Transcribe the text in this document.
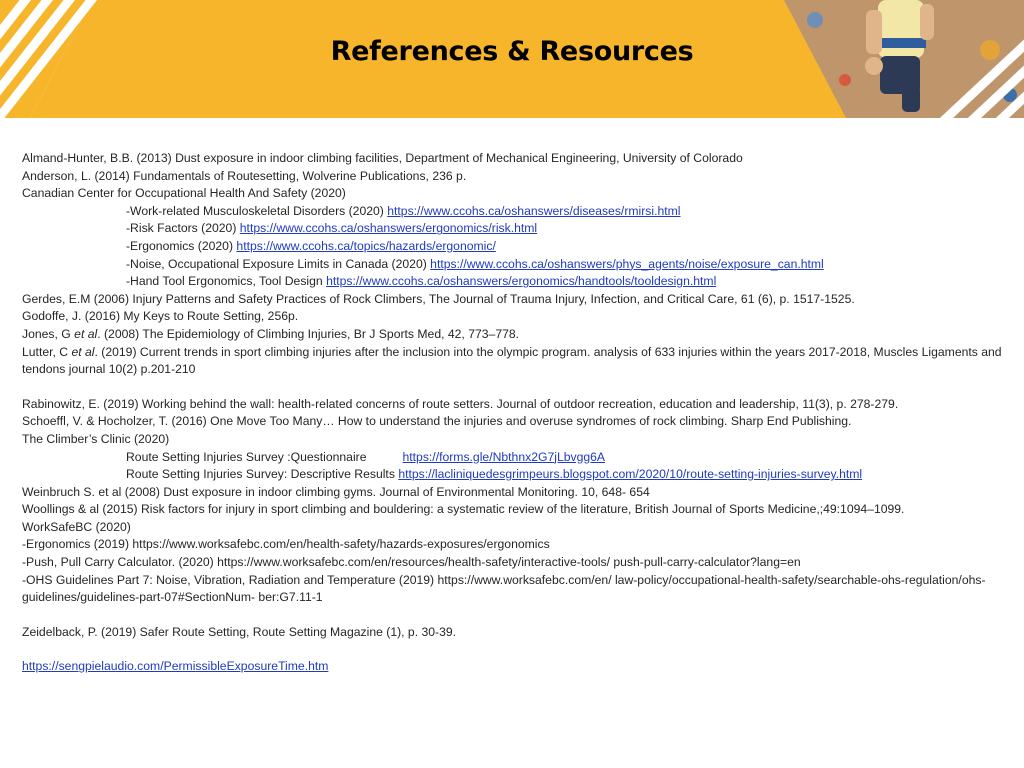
References & Resources
Almand-Hunter, B.B. (2013) Dust exposure in indoor climbing facilities, Department of Mechanical Engineering, University of Colorado
Anderson, L. (2014) Fundamentals of Routesetting, Wolverine Publications, 236 p.
Canadian Center for Occupational Health And Safety (2020)
-Work-related Musculoskeletal Disorders (2020) https://www.ccohs.ca/oshanswers/diseases/rmirsi.html
-Risk Factors (2020) https://www.ccohs.ca/oshanswers/ergonomics/risk.html
-Ergonomics (2020) https://www.ccohs.ca/topics/hazards/ergonomic/
-Noise, Occupational Exposure Limits in Canada (2020) https://www.ccohs.ca/oshanswers/phys_agents/noise/exposure_can.html
-Hand Tool Ergonomics, Tool Design https://www.ccohs.ca/oshanswers/ergonomics/handtools/tooldesign.html
Gerdes, E.M (2006) Injury Patterns and Safety Practices of Rock Climbers, The Journal of Trauma Injury, Infection, and Critical Care, 61 (6), p. 1517-1525.
Godoffe, J. (2016) My Keys to Route Setting, 256p.
Jones, G et al. (2008) The Epidemiology of Climbing Injuries, Br J Sports Med, 42, 773–778.
Lutter, C et al. (2019) Current trends in sport climbing injuries after the inclusion into the olympic program. analysis of 633 injuries within the years 2017-2018, Muscles Ligaments and tendons journal 10(2) p.201-210
Rabinowitz, E. (2019) Working behind the wall: health-related concerns of route setters. Journal of outdoor recreation, education and leadership, 11(3), p. 278-279.
Schoeffl, V. & Hocholzer, T. (2016) One Move Too Many… How to understand the injuries and overuse syndromes of rock climbing. Sharp End Publishing.
The Climber’s Clinic (2020)
Route Setting Injuries Survey :Questionnaire	https://forms.gle/Nbthnx2G7jLbvgg6A
Route Setting Injuries Survey: Descriptive Results https://lacliniquedesgrimpeurs.blogspot.com/2020/10/route-setting-injuries-survey.html
Weinbruch S. et al (2008) Dust exposure in indoor climbing gyms. Journal of Environmental Monitoring. 10, 648- 654
Woollings & al (2015) Risk factors for injury in sport climbing and bouldering: a systematic review of the literature, British Journal of Sports Medicine,;49:1094–1099.
WorkSafeBC (2020)
-Ergonomics (2019) https://www.worksafebc.com/en/health-safety/hazards-exposures/ergonomics
-Push, Pull Carry Calculator. (2020) https://www.worksafebc.com/en/resources/health-safety/interactive-tools/ push-pull-carry-calculator?lang=en
-OHS Guidelines Part 7: Noise, Vibration, Radiation and Temperature (2019) https://www.worksafebc.com/en/ law-policy/occupational-health-safety/searchable-ohs-regulation/ohs-guidelines/guidelines-part-07#SectionNum- ber:G7.11-1
Zeidelback, P. (2019) Safer Route Setting, Route Setting Magazine (1), p. 30-39.
https://sengpielaudio.com/PermissibleExposureTime.htm
